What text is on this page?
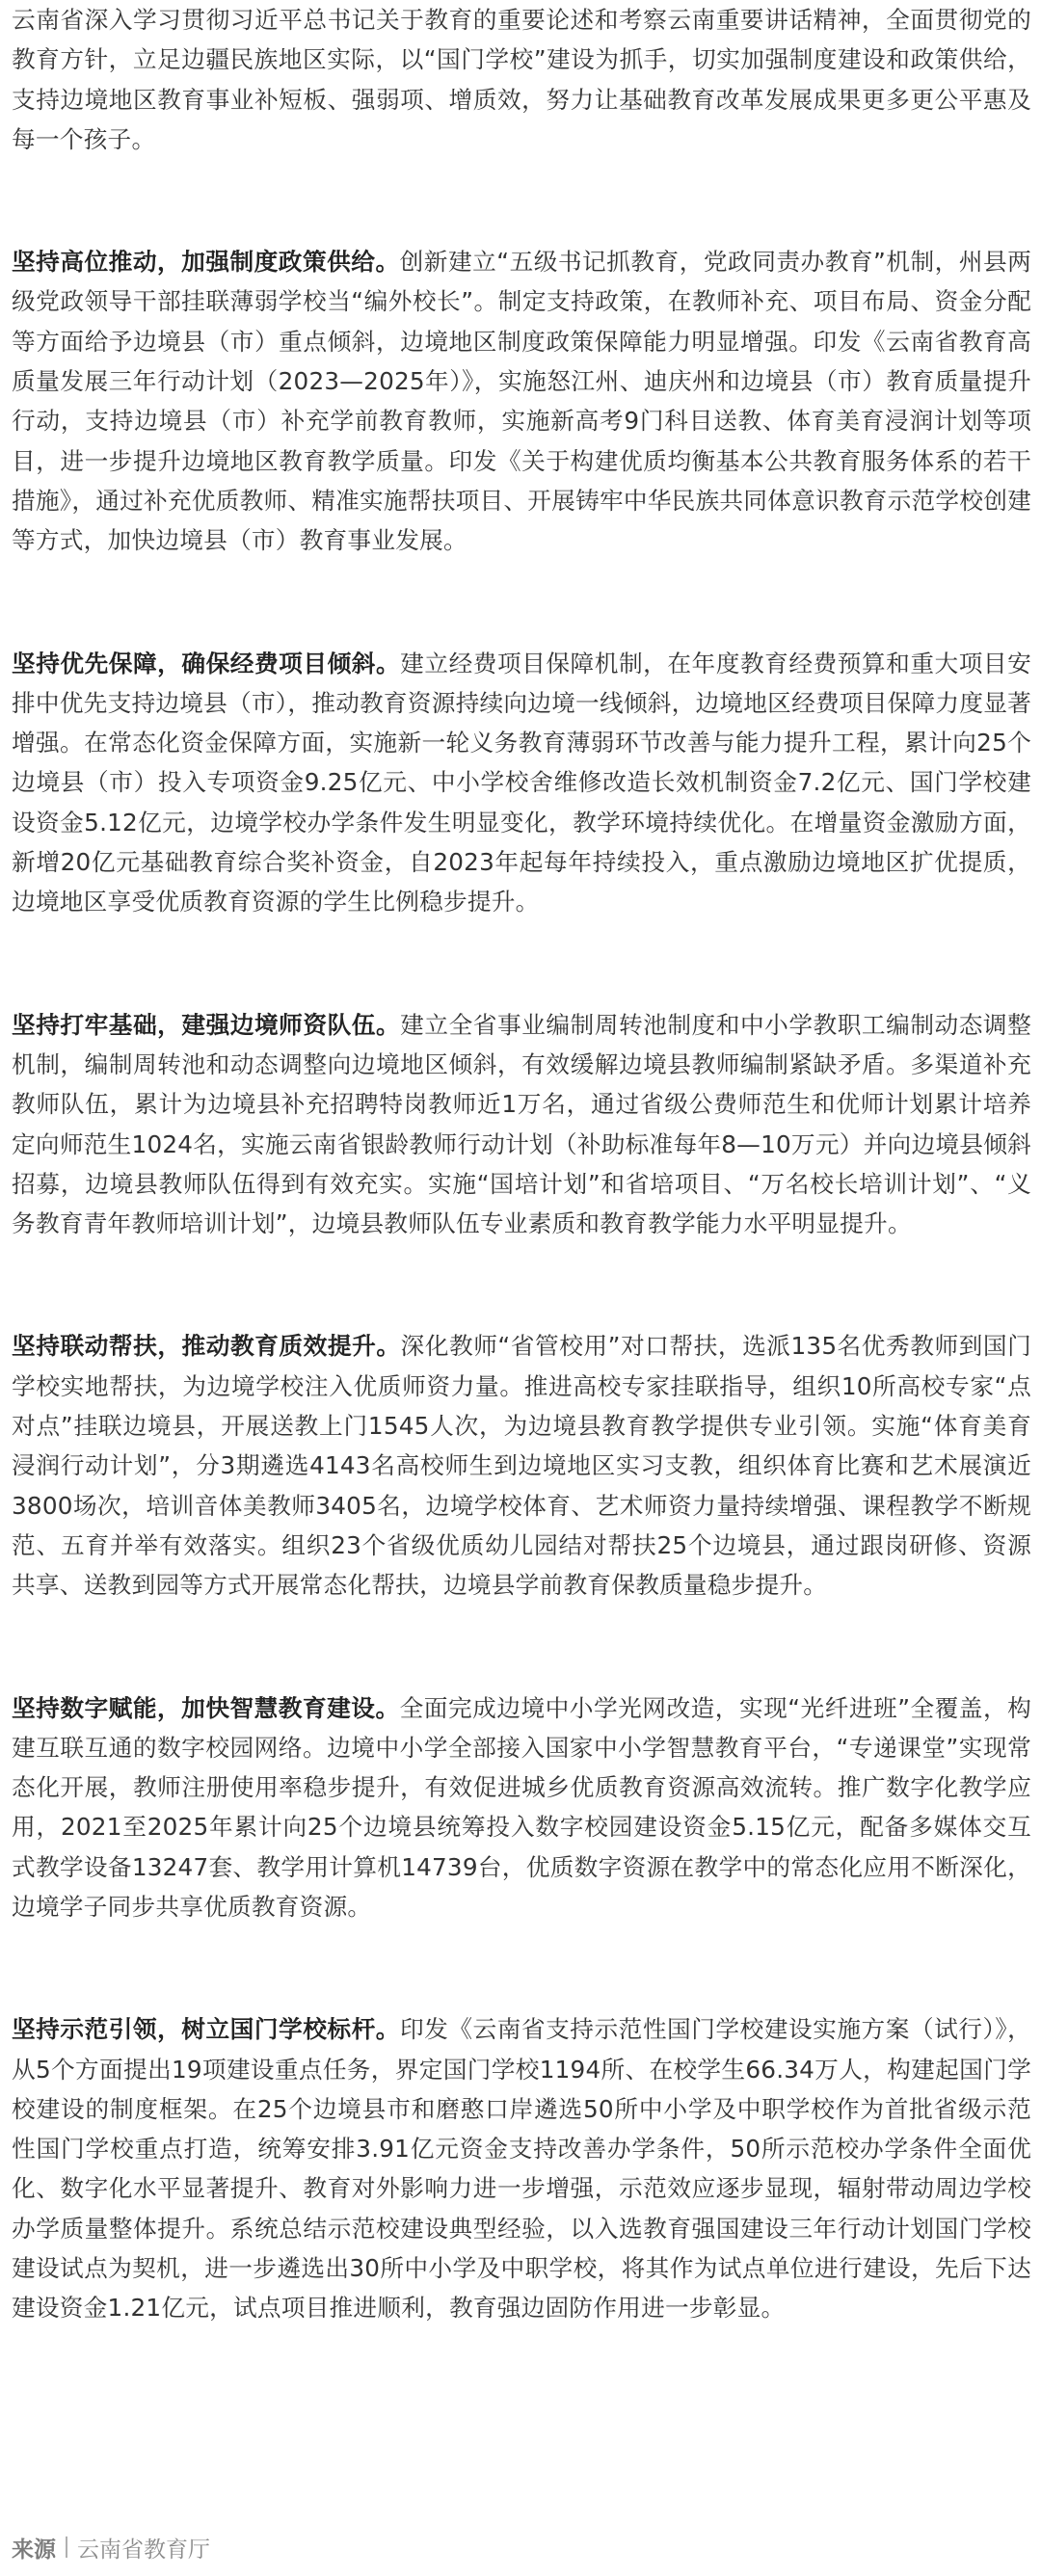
云南省深入学习贯彻习近平总书记关于教育的重要论述和考察云南重要讲话精神，全面贯彻党的教育方针，立足边疆民族地区实际，以“国门学校”建设为抓手，切实加强制度建设和政策供给，支持边境地区教育事业补短板、强弱项、增质效，努力让基础教育改革发展成果更多更公平惠及每一个孩子。

坚持高位推动，加强制度政策供给。创新建立“五级书记抓教育，党政同责办教育”机制，州县两级党政领导干部挂联薄弱学校当“编外校长”。制定支持政策，在教师补充、项目布局、资金分配等方面给予边境县（市）重点倾斜，边境地区制度政策保障能力明显增强。印发《云南省教育高质量发展三年行动计划（2023—2025年）》，实施怒江州、迪庆州和边境县（市）教育质量提升行动，支持边境县（市）补充学前教育教师，实施新高考9门科目送教、体育美育浸润计划等项目，进一步提升边境地区教育教学质量。印发《关于构建优质均衡基本公共教育服务体系的若干措施》，通过补充优质教师、精准实施帮扶项目、开展铸牢中华民族共同体意识教育示范学校创建等方式，加快边境县（市）教育事业发展。

坚持优先保障，确保经费项目倾斜。建立经费项目保障机制，在年度教育经费预算和重大项目安排中优先支持边境县（市），推动教育资源持续向边境一线倾斜，边境地区经费项目保障力度显著增强。在常态化资金保障方面，实施新一轮义务教育薄弱环节改善与能力提升工程，累计向25个边境县（市）投入专项资金9.25亿元、中小学校舍维修改造长效机制资金7.2亿元、国门学校建设资金5.12亿元，边境学校办学条件发生明显变化，教学环境持续优化。在增量资金激励方面，新增20亿元基础教育综合奖补资金，自2023年起每年持续投入，重点激励边境地区扩优提质，边境地区享受优质教育资源的学生比例稳步提升。

坚持打牢基础，建强边境师资队伍。建立全省事业编制周转池制度和中小学教职工编制动态调整机制，编制周转池和动态调整向边境地区倾斜，有效缓解边境县教师编制紧缺矛盾。多渠道补充教师队伍，累计为边境县补充招聘特岗教师近1万名，通过省级公费师范生和优师计划累计培养定向师范生1024名，实施云南省银龄教师行动计划（补助标准每年8—10万元）并向边境县倾斜招募，边境县教师队伍得到有效充实。实施“国培计划”和省培项目、“万名校长培训计划”、“义务教育青年教师培训计划”，边境县教师队伍专业素质和教育教学能力水平明显提升。

坚持联动帮扶，推动教育质效提升。深化教师“省管校用”对口帮扶，选派135名优秀教师到国门学校实地帮扶，为边境学校注入优质师资力量。推进高校专家挂联指导，组织10所高校专家“点对点”挂联边境县，开展送教上门1545人次，为边境县教育教学提供专业引领。实施“体育美育浸润行动计划”，分3期遴选4143名高校师生到边境地区实习支教，组织体育比赛和艺术展演近3800场次，培训音体美教师3405名，边境学校体育、艺术师资力量持续增强、课程教学不断规范、五育并举有效落实。组织23个省级优质幼儿园结对帮扶25个边境县，通过跟岗研修、资源共享、送教到园等方式开展常态化帮扶，边境县学前教育保教质量稳步提升。

坚持数字赋能，加快智慧教育建设。全面完成边境中小学光网改造，实现“光纤进班”全覆盖，构建互联互通的数字校园网络。边境中小学全部接入国家中小学智慧教育平台，“专递课堂”实现常态化开展，教师注册使用率稳步提升，有效促进城乡优质教育资源高效流转。推广数字化教学应用，2021至2025年累计向25个边境县统筹投入数字校园建设资金5.15亿元，配备多媒体交互式教学设备13247套、教学用计算机14739台，优质数字资源在教学中的常态化应用不断深化，边境学子同步共享优质教育资源。

坚持示范引领，树立国门学校标杆。印发《云南省支持示范性国门学校建设实施方案（试行）》，从5个方面提出19项建设重点任务，界定国门学校1194所、在校学生66.34万人，构建起国门学校建设的制度框架。在25个边境县市和磨憨口岸遴选50所中小学及中职学校作为首批省级示范性国门学校重点打造，统筹安排3.91亿元资金支持改善办学条件，50所示范校办学条件全面优化、数字化水平显著提升、教育对外影响力进一步增强，示范效应逐步显现，辐射带动周边学校办学质量整体提升。系统总结示范校建设典型经验，以入选教育强国建设三年行动计划国门学校建设试点为契机，进一步遴选出30所中小学及中职学校，将其作为试点单位进行建设，先后下达建设资金1.21亿元，试点项目推进顺利，教育强边固防作用进一步彰显。

来源 云南省教育厅
